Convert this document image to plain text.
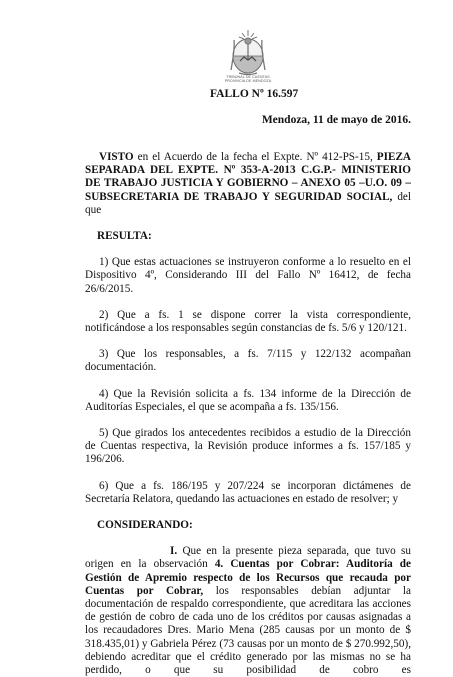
TRIBUNAL DE CUENTAS
PROVINCIA DE MENDOZA
FALLO Nº 16.597
Mendoza, 11 de mayo de 2016.

VISTO en el Acuerdo de la fecha el Expte. Nº 412-PS-15, PIEZA SEPARADA DEL EXPTE. Nº 353-A-2013 C.G.P.- MINISTERIO DE TRABAJO JUSTICIA Y GOBIERNO – ANEXO 05 –U.O. 09 – SUBSECRETARIA DE TRABAJO Y SEGURIDAD SOCIAL, del que

RESULTA:

1) Que estas actuaciones se instruyeron conforme a lo resuelto en el Dispositivo 4º, Considerando III del Fallo Nº 16412, de fecha 26/6/2015.

2) Que a fs. 1 se dispone correr la vista correspondiente, notificándose a los responsables según constancias de fs. 5/6 y 120/121.

3) Que los responsables, a fs. 7/115 y 122/132 acompañan documentación.

4) Que la Revisión solicita a fs. 134 informe de la Dirección de Auditorías Especiales, el que se acompaña a fs. 135/156.

5) Que girados los antecedentes recibidos a estudio de la Dirección de Cuentas respectiva, la Revisión produce informes a fs. 157/185 y 196/206.

6) Que a fs. 186/195 y 207/224 se incorporan dictámenes de Secretaría Relatora, quedando las actuaciones en estado de resolver; y

CONSIDERANDO:

I. Que en la presente pieza separada, que tuvo su origen en la observación 4. Cuentas por Cobrar: Auditoría de Gestión de Apremio respecto de los Recursos que recauda por Cuentas por Cobrar, los responsables debían adjuntar la documentación de respaldo correspondiente, que acreditara las acciones de gestión de cobro de cada uno de los créditos por causas asignadas a los recaudadores Dres. Mario Mena (285 causas por un monto de $ 318.435,01) y Gabriela Pérez (73 causas por un monto de $ 270.992,50), debiendo acreditar que el crédito generado por las mismas no se ha perdido, o que su posibilidad de cobro es
